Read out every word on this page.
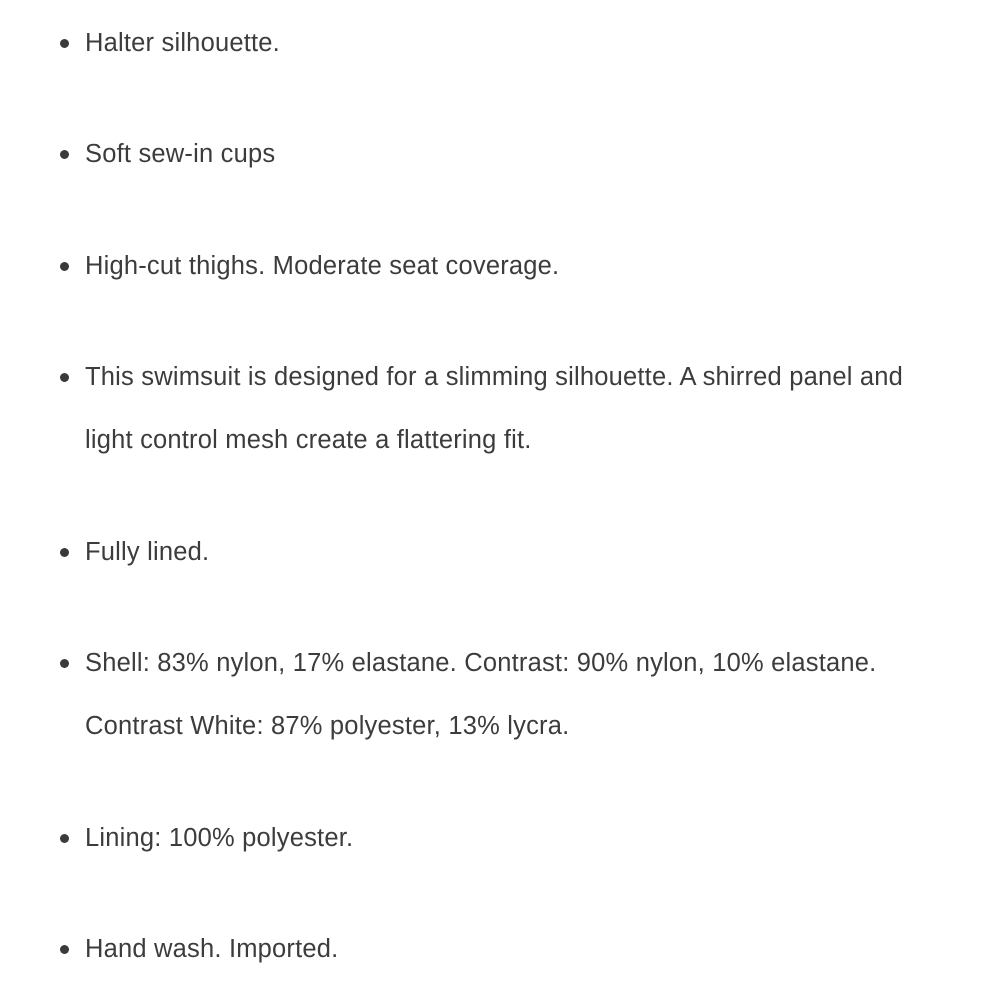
Halter silhouette.
Soft sew-in cups
High-cut thighs. Moderate seat coverage.
This swimsuit is designed for a slimming silhouette. A shirred panel and light control mesh create a flattering fit.
Fully lined.
Shell: 83% nylon, 17% elastane. Contrast: 90% nylon, 10% elastane. Contrast White: 87% polyester, 13% lycra.
Lining: 100% polyester.
Hand wash. Imported.
